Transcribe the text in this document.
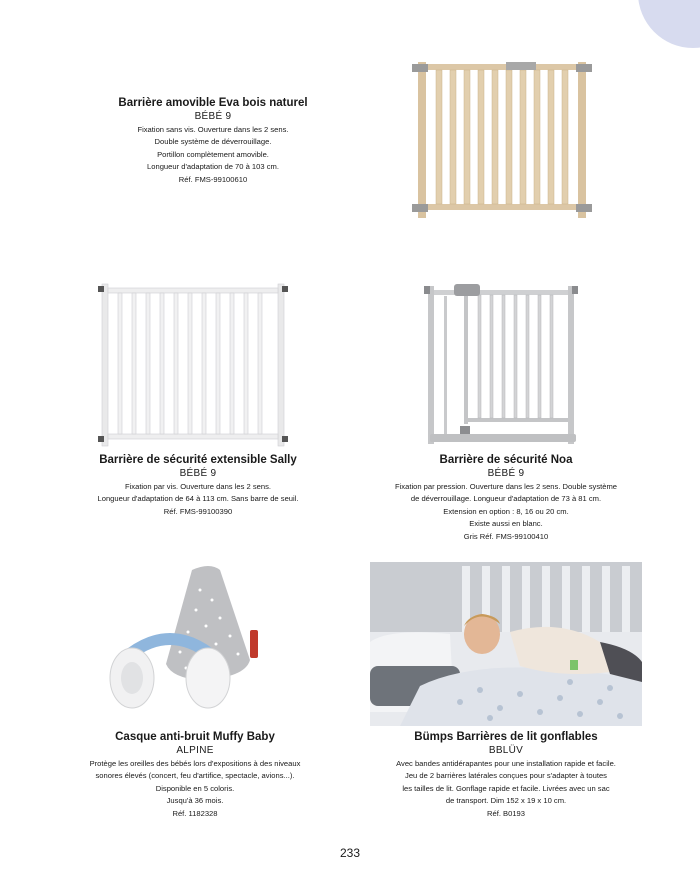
Barrière amovible Eva bois naturel
BÉBÉ 9
Fixation sans vis. Ouverture dans les 2 sens.
Double système de déverrouillage.
Portillon complètement amovible.
Longueur d'adaptation de 70 à 103 cm.
Réf. FMS-99100610
Barrière de sécurité extensible Sally
BÉBÉ 9
Fixation par vis. Ouverture dans les 2 sens.
Longueur d'adaptation de 64 à 113 cm. Sans barre de seuil.
Réf. FMS-99100390
Barrière de sécurité Noa
BÉBÉ 9
Fixation par pression. Ouverture dans les 2 sens. Double système
de déverrouillage. Longueur d'adaptation de 73 à 81 cm.
Extension en option : 8, 16 ou 20 cm.
Existe aussi en blanc.
Gris Réf. FMS-99100410
Casque anti-bruit Muffy Baby
ALPINE
Protège les oreilles des bébés lors d'expositions à des niveaux
sonores élevés (concert, feu d'artifice, spectacle, avions...).
Disponible en 5 coloris.
Jusqu'à 36 mois.
Réf. 1182328
Bümps Barrières de lit gonflables
BBLÜV
Avec bandes antidérapantes pour une installation rapide et facile.
Jeu de 2 barrières latérales conçues pour s'adapter à toutes
les tailles de lit. Gonflage rapide et facile. Livrées avec un sac
de transport. Dim 152 x 19 x 10 cm.
Réf. B0193
233
